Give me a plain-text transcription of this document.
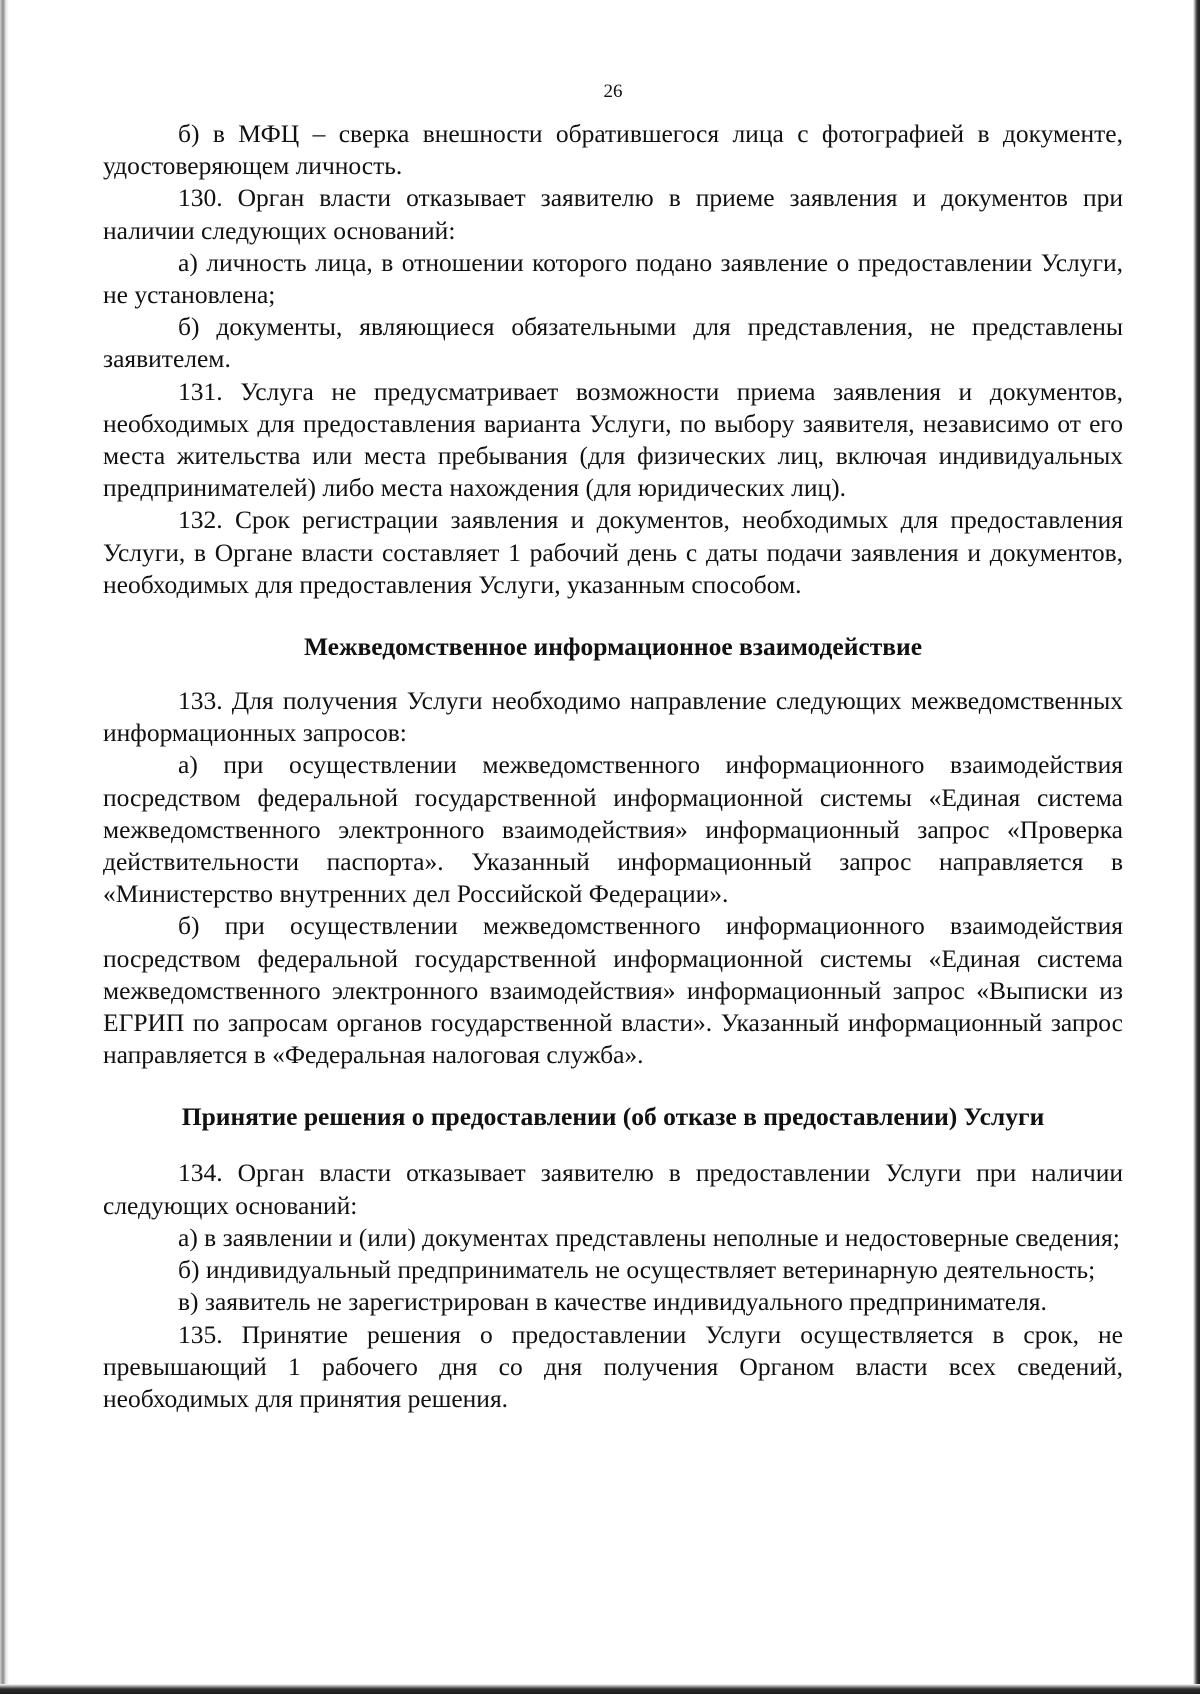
26

б) в МФЦ – сверка внешности обратившегося лица с фотографией в документе, удостоверяющем личность.

130. Орган власти отказывает заявителю в приеме заявления и документов при наличии следующих оснований:

а) личность лица, в отношении которого подано заявление о предоставлении Услуги, не установлена;

б) документы, являющиеся обязательными для представления, не представлены заявителем.

131. Услуга не предусматривает возможности приема заявления и документов, необходимых для предоставления варианта Услуги, по выбору заявителя, независимо от его места жительства или места пребывания (для физических лиц, включая индивидуальных предпринимателей) либо места нахождения (для юридических лиц).

132. Срок регистрации заявления и документов, необходимых для предоставления Услуги, в Органе власти составляет 1 рабочий день с даты подачи заявления и документов, необходимых для предоставления Услуги, указанным способом.

Межведомственное информационное взаимодействие

133. Для получения Услуги необходимо направление следующих межведомственных информационных запросов:

а) при осуществлении межведомственного информационного взаимодействия посредством федеральной государственной информационной системы «Единая система межведомственного электронного взаимодействия» информационный запрос «Проверка действительности паспорта». Указанный информационный запрос направляется в «Министерство внутренних дел Российской Федерации».

б) при осуществлении межведомственного информационного взаимодействия посредством федеральной государственной информационной системы «Единая система межведомственного электронного взаимодействия» информационный запрос «Выписки из ЕГРИП по запросам органов государственной власти». Указанный информационный запрос направляется в «Федеральная налоговая служба».

Принятие решения о предоставлении (об отказе в предоставлении) Услуги

134. Орган власти отказывает заявителю в предоставлении Услуги при наличии следующих оснований:

а) в заявлении и (или) документах представлены неполные и недостоверные сведения;

б) индивидуальный предприниматель не осуществляет ветеринарную деятельность;

в) заявитель не зарегистрирован в качестве индивидуального предпринимателя.

135. Принятие решения о предоставлении Услуги осуществляется в срок, не превышающий 1 рабочего дня со дня получения Органом власти всех сведений, необходимых для принятия решения.
